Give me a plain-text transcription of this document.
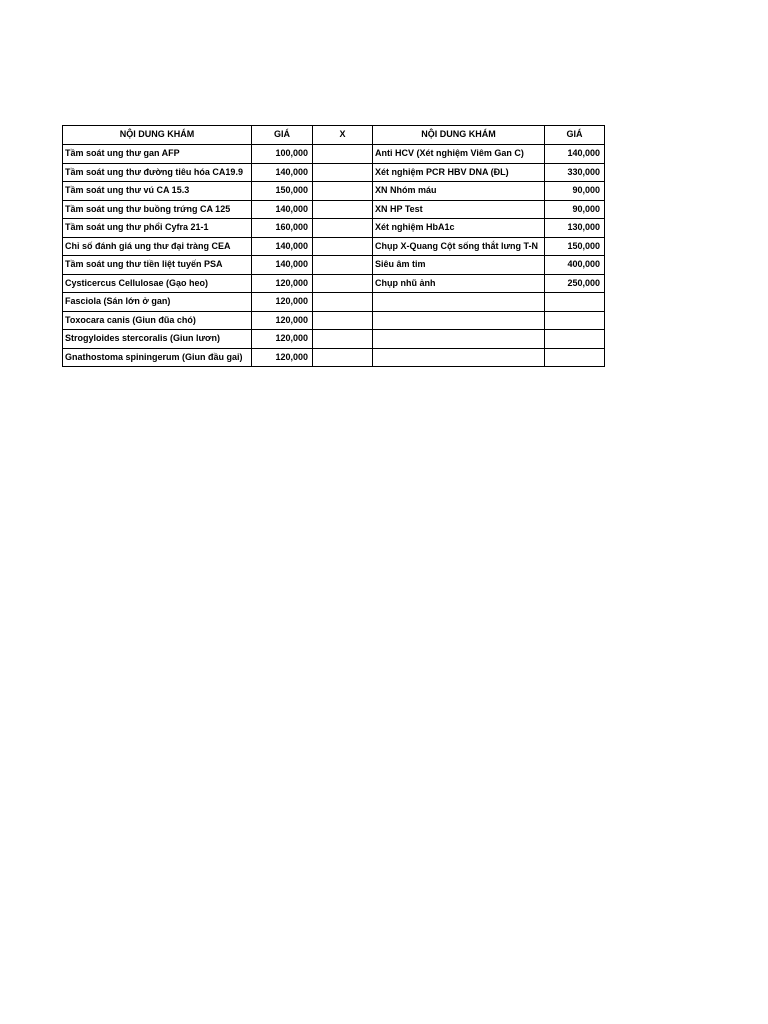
NỘI DUNG KHÁM	GIÁ	X	NỘI DUNG KHÁM	GIÁ
Tầm soát ung thư gan AFP	100,000		Anti HCV (Xét nghiệm Viêm Gan C)	140,000
Tầm soát ung thư đường tiêu hóa CA19.9	140,000		Xét nghiệm PCR HBV DNA (ĐL)	330,000
Tầm soát ung thư vú CA 15.3	150,000		XN Nhóm máu	90,000
Tầm soát ung thư buồng trứng CA 125	140,000		XN HP Test	90,000
Tầm soát ung thư phổi Cyfra 21-1	160,000		Xét nghiệm HbA1c	130,000
Chỉ số đánh giá ung thư đại tràng CEA	140,000		Chụp X-Quang Cột sống thắt lưng T-N	150,000
Tầm soát ung thư tiền liệt tuyến PSA	140,000		Siêu âm tim	400,000
Cysticercus Cellulosae (Gạo heo)	120,000		Chụp nhũ ảnh	250,000
Fasciola (Sán lớn ở gan)	120,000			
Toxocara canis (Giun đũa chó)	120,000			
Strogyloides stercoralis (Giun lươn)	120,000			
Gnathostoma spiningerum (Giun đầu gai)	120,000			
